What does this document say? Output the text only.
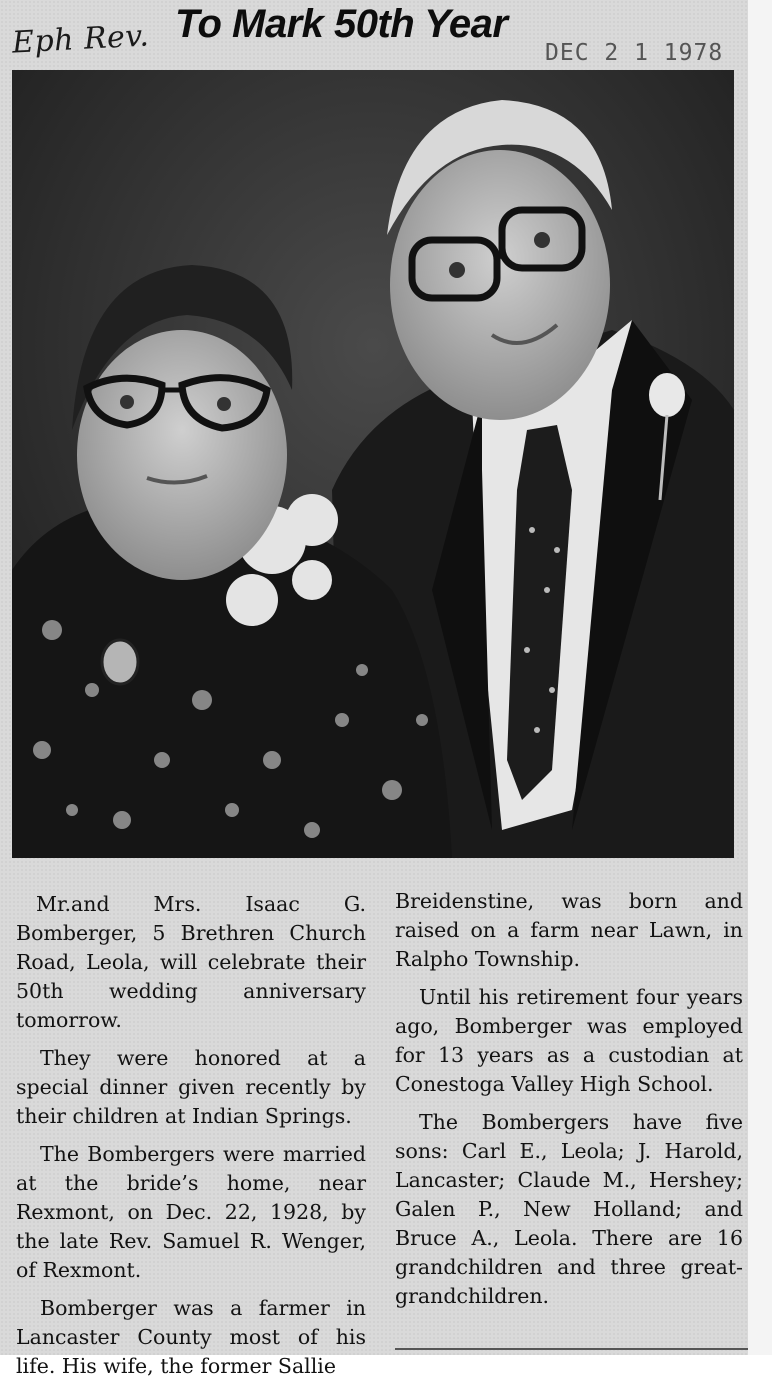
Eph Rev. To Mark 50th Year
DEC 2 1 1978

Mr.and Mrs. Isaac G. Bomberger, 5 Brethren Church Road, Leola, will celebrate their 50th wedding anniversary tomorrow.

They were honored at a special dinner given recently by their children at Indian Springs.

The Bombergers were married at the bride’s home, near Rexmont, on Dec. 22, 1928, by the late Rev. Samuel R. Wenger, of Rexmont.

Bomberger was a farmer in Lancaster County most of his life. His wife, the former Sallie

Breidenstine, was born and raised on a farm near Lawn, in Ralpho Township.

Until his retirement four years ago, Bomberger was employed for 13 years as a custodian at Conestoga Valley High School.

The Bombergers have five sons: Carl E., Leola; J. Harold, Lancaster; Claude M., Hershey; Galen P., New Holland; and Bruce A., Leola. There are 16 grandchildren and three great-grandchildren.
